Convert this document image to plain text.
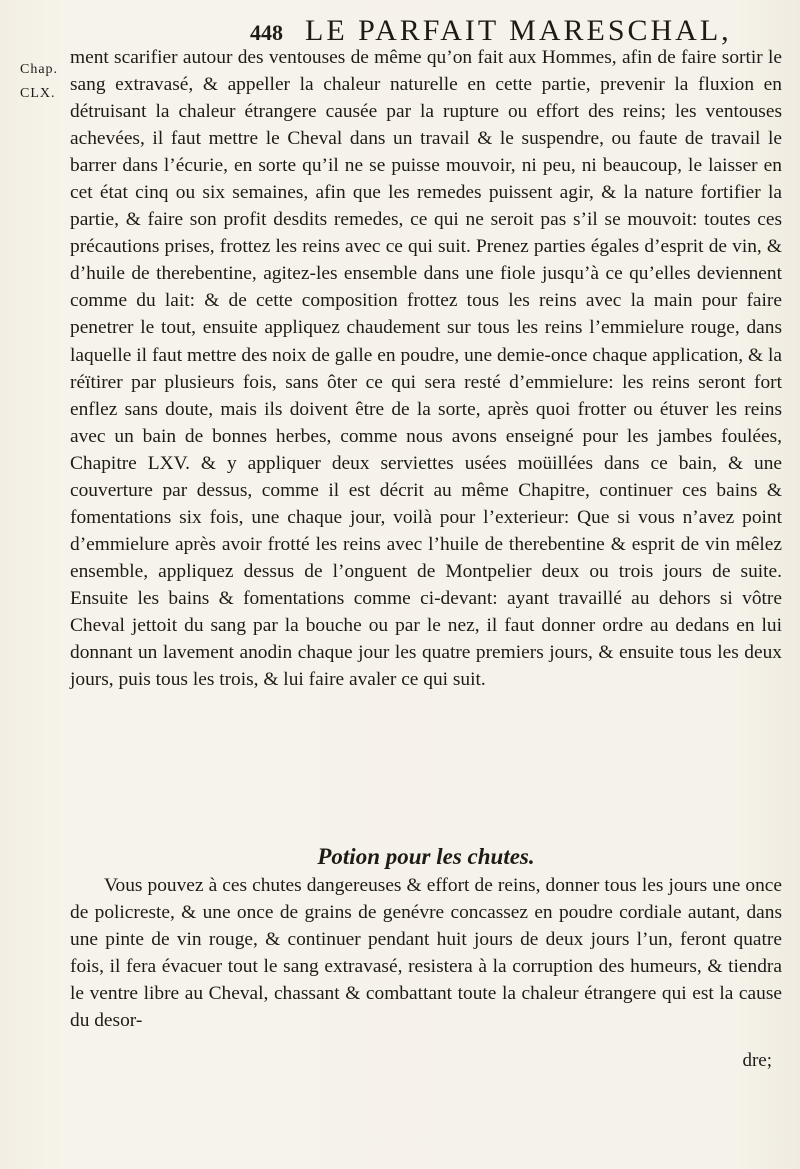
448 LE PARFAIT MARESCHAL,
Chap.
CLX.

ment scarifier autour des ventouses de même qu’on fait aux Hommes, afin de faire sortir le sang extravasé, & appeller la chaleur naturelle en cette partie, prevenir la fluxion en détruisant la chaleur étrangere causée par la rupture ou effort des reins; les ventouses achevées, il faut mettre le Cheval dans un travail & le suspendre, ou faute de travail le barrer dans l’écurie, en sorte qu’il ne se puisse mouvoir, ni peu, ni beaucoup, le laisser en cet état cinq ou six semaines, afin que les remedes puissent agir, & la nature fortifier la partie, & faire son profit desdits remedes, ce qui ne seroit pas s’il se mouvoit: toutes ces précautions prises, frottez les reins avec ce qui suit. Prenez parties égales d’esprit de vin, & d’huile de therebentine, agitez-les ensemble dans une fiole jusqu’à ce qu’elles deviennent comme du lait: & de cette composition frottez tous les reins avec la main pour faire penetrer le tout, ensuite appliquez chaudement sur tous les reins l’emmielure rouge, dans laquelle il faut mettre des noix de galle en poudre, une demie-once chaque application, & la réïtirer par plusieurs fois, sans ôter ce qui sera resté d’emmielure: les reins seront fort enflez sans doute, mais ils doivent être de la sorte, après quoi frotter ou étuver les reins avec un bain de bonnes herbes, comme nous avons enseigné pour les jambes foulées, Chapitre LXV. & y appliquer deux serviettes usées moüillées dans ce bain, & une couverture par dessus, comme il est décrit au même Chapitre, continuer ces bains & fomentations six fois, une chaque jour, voilà pour l’exterieur: Que si vous n’avez point d’emmielure après avoir frotté les reins avec l’huile de therebentine & esprit de vin mêlez ensemble, appliquez dessus de l’onguent de Montpelier deux ou trois jours de suite. Ensuite les bains & fomentations comme ci-devant: ayant travaillé au dehors si vôtre Cheval jettoit du sang par la bouche ou par le nez, il faut donner ordre au dedans en lui donnant un lavement anodin chaque jour les quatre premiers jours, & ensuite tous les deux jours, puis tous les trois, & lui faire avaler ce qui suit.

Potion pour les chutes.

Vous pouvez à ces chutes dangereuses & effort de reins, donner tous les jours une once de policreste, & une once de grains de genévre concassez en poudre cordiale autant, dans une pinte de vin rouge, & continuer pendant huit jours de deux jours l’un, feront quatre fois, il fera évacuer tout le sang extravasé, resistera à la corruption des humeurs, & tiendra le ventre libre au Cheval, chassant & combattant toute la chaleur étrangere qui est la cause du desor-

dre;
